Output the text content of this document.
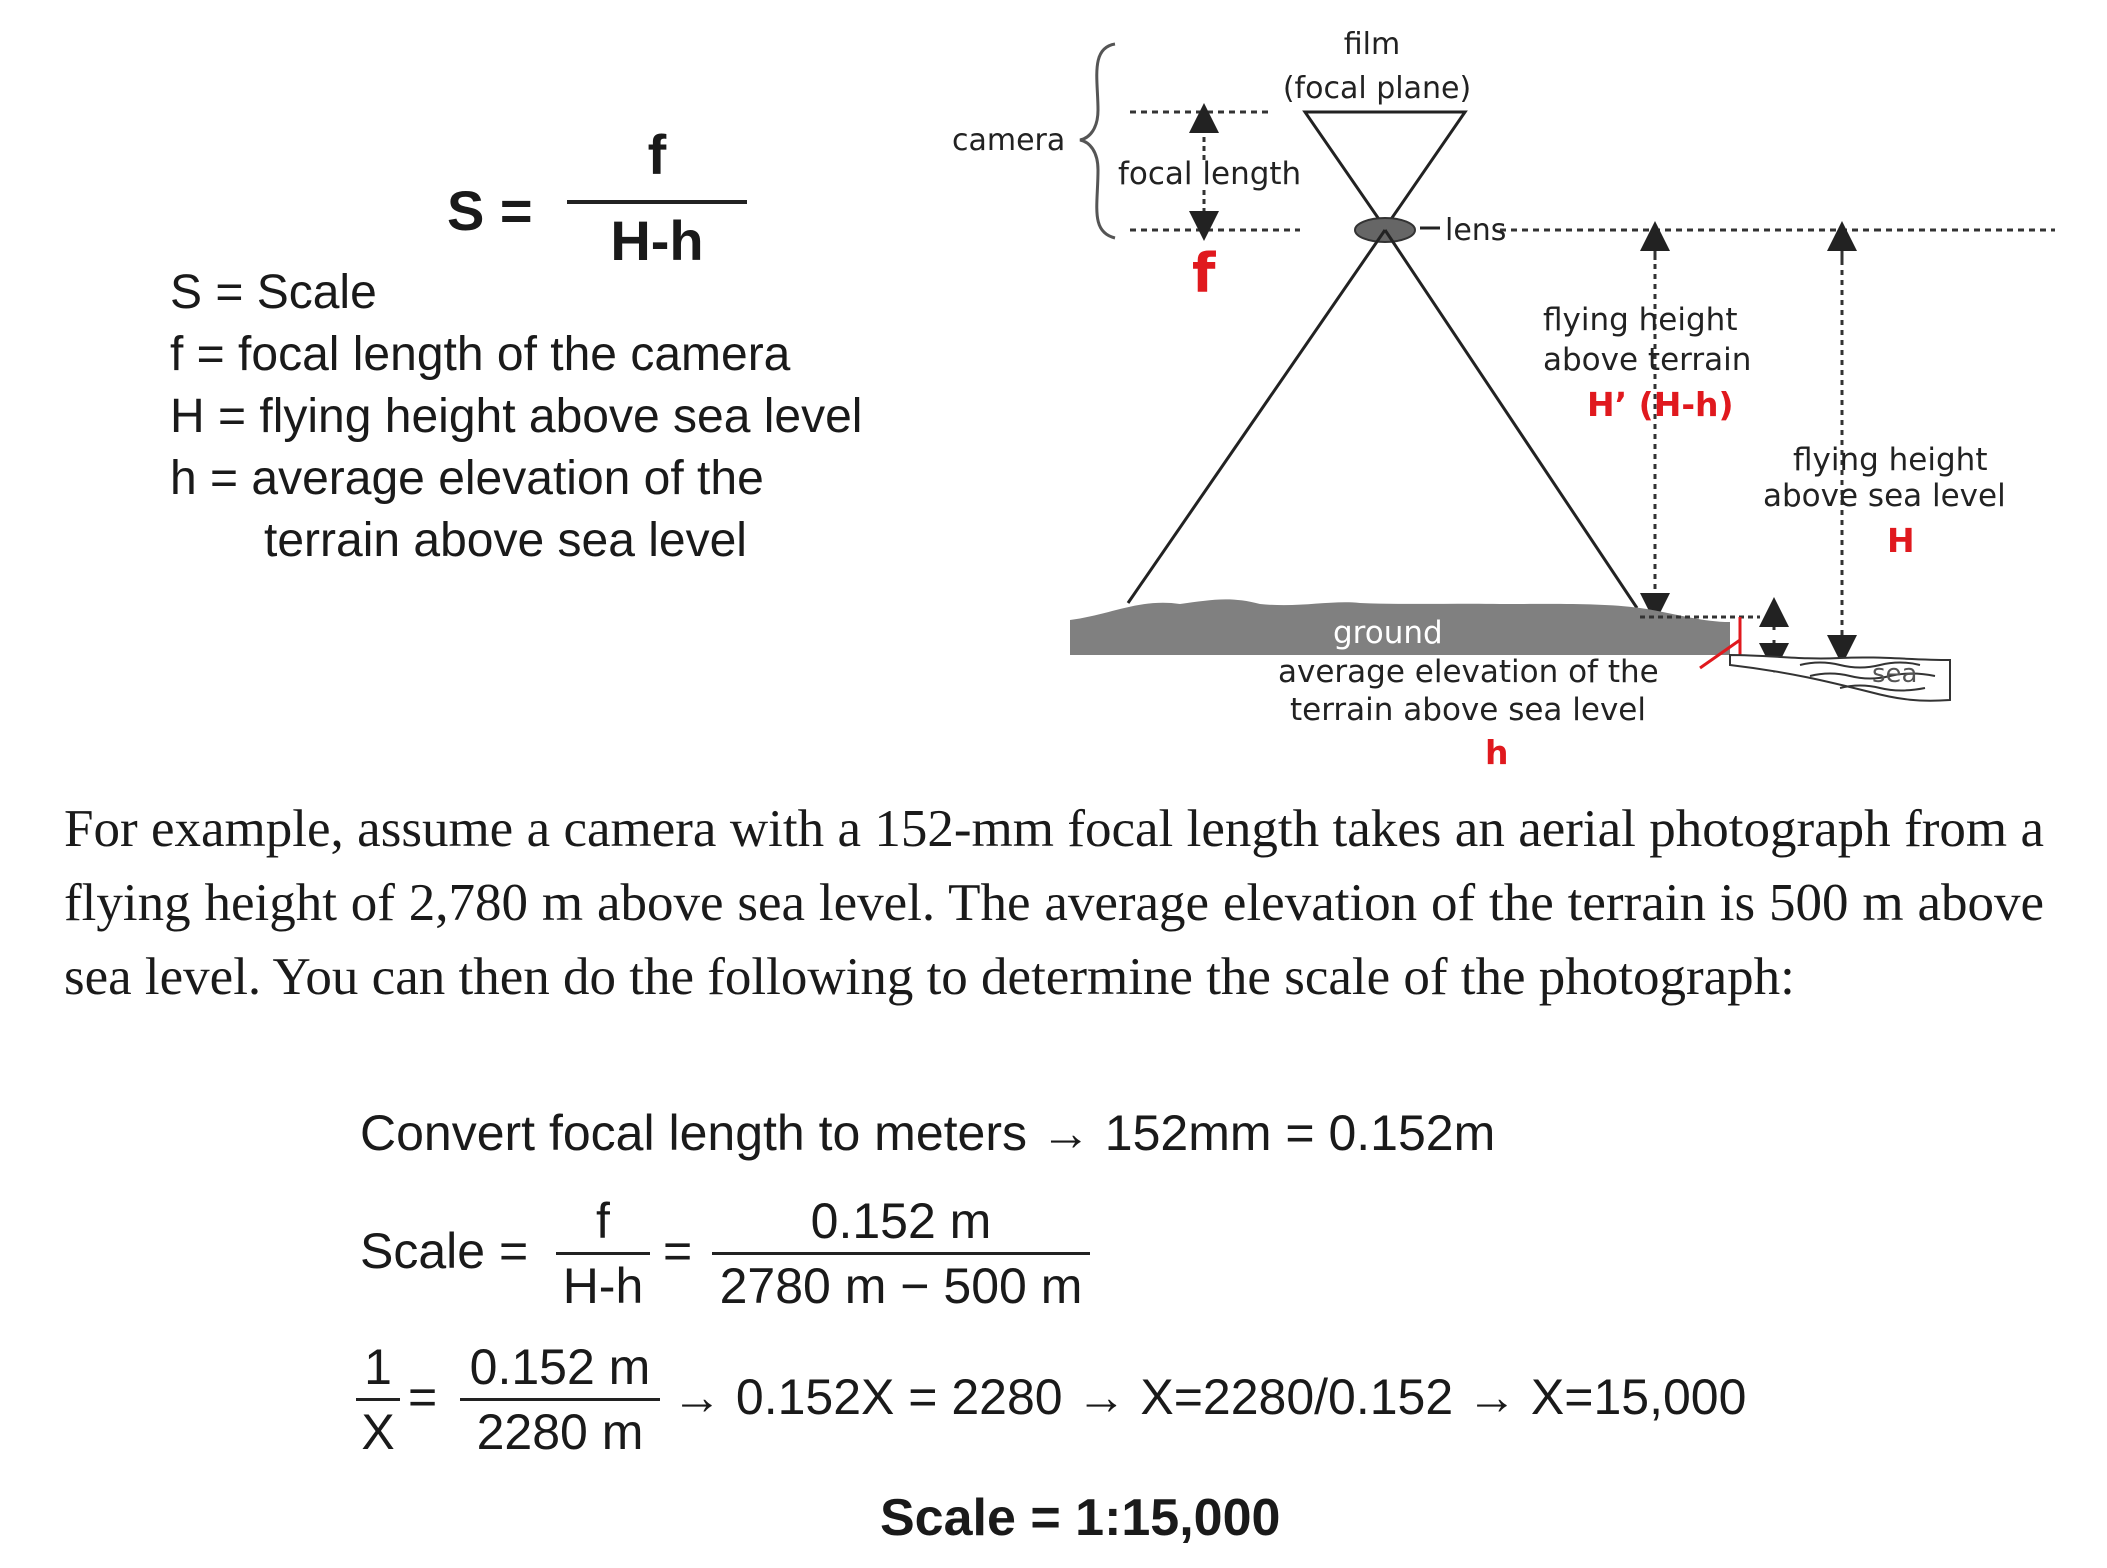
S =
f
H-h
S = Scale
f = focal length of the camera
H = flying height above sea level
h = average elevation of the
terrain above sea level
film
(focal plane)
camera
focal length
f
lens
flying height
above terrain
H’ (H-h)
flying height
above sea level
H
ground
average elevation of the
terrain above sea level
h
sea
For example, assume a camera with a 152-mm focal length takes an aerial photograph from a flying height of 2,780 m above sea level. The average elevation of the terrain is 500 m above sea level. You can then do the following to determine the scale of the photograph:
Convert focal length to meters → 152mm = 0.152m
Scale =
f
H-h
=
0.152 m
2780 m − 500 m
1
X
=
0.152 m
2280 m
→ 0.152X = 2280 → X=2280/0.152 → X=15,000
Scale = 1:15,000
